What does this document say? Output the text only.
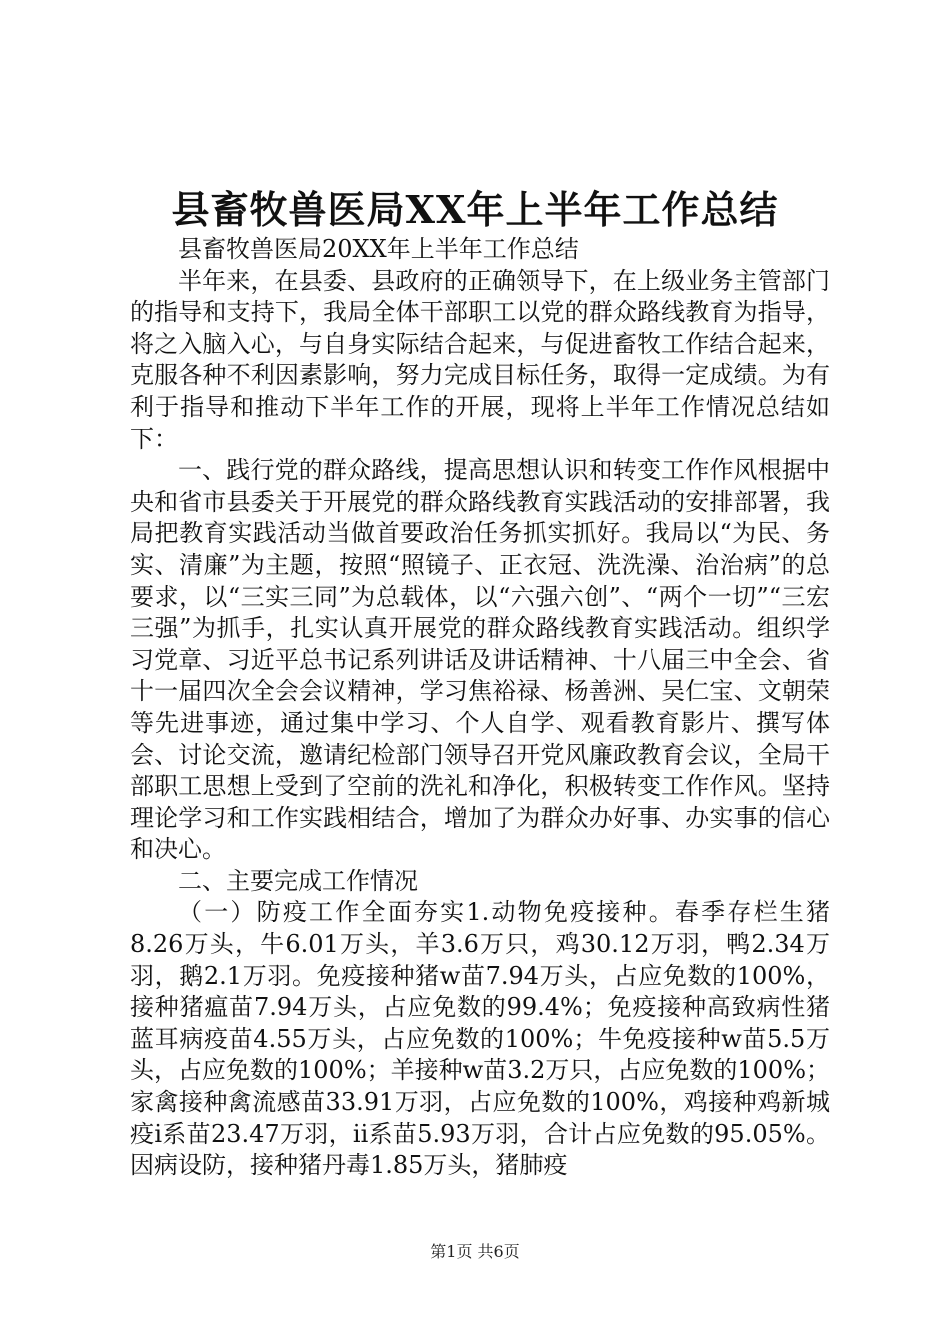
县畜牧兽医局XX年上半年工作总结

县畜牧兽医局20XX年上半年工作总结

半年来，在县委、县政府的正确领导下，在上级业务主管部门的指导和支持下，我局全体干部职工以党的群众路线教育为指导，将之入脑入心，与自身实际结合起来，与促进畜牧工作结合起来，克服各种不利因素影响，努力完成目标任务，取得一定成绩。为有利于指导和推动下半年工作的开展，现将上半年工作情况总结如下：

一、践行党的群众路线，提高思想认识和转变工作作风根据中央和省市县委关于开展党的群众路线教育实践活动的安排部署，我局把教育实践活动当做首要政治任务抓实抓好。我局以“为民、务实、清廉”为主题，按照“照镜子、正衣冠、洗洗澡、治治病”的总要求，以“三实三同”为总载体，以“六强六创”、“两个一切”“三宏三强”为抓手，扎实认真开展党的群众路线教育实践活动。组织学习党章、习近平总书记系列讲话及讲话精神、十八届三中全会、省十一届四次全会会议精神，学习焦裕禄、杨善洲、吴仁宝、文朝荣等先进事迹，通过集中学习、个人自学、观看教育影片、撰写体会、讨论交流，邀请纪检部门领导召开党风廉政教育会议，全局干部职工思想上受到了空前的洗礼和净化，积极转变工作作风。坚持理论学习和工作实践相结合，增加了为群众办好事、办实事的信心和决心。

二、主要完成工作情况

（一）防疫工作全面夯实1.动物免疫接种。春季存栏生猪8.26万头，牛6.01万头，羊3.6万只，鸡30.12万羽，鸭2.34万羽，鹅2.1万羽。免疫接种猪w苗7.94万头，占应免数的100%，接种猪瘟苗7.94万头，占应免数的99.4%；免疫接种高致病性猪蓝耳病疫苗4.55万头，占应免数的100%；牛免疫接种w苗5.5万头，占应免数的100%；羊接种w苗3.2万只，占应免数的100%；家禽接种禽流感苗33.91万羽，占应免数的100%，鸡接种鸡新城疫i系苗23.47万羽，ii系苗5.93万羽，合计占应免数的95.05%。因病设防，接种猪丹毒1.85万头，猪肺疫

第1页 共6页
